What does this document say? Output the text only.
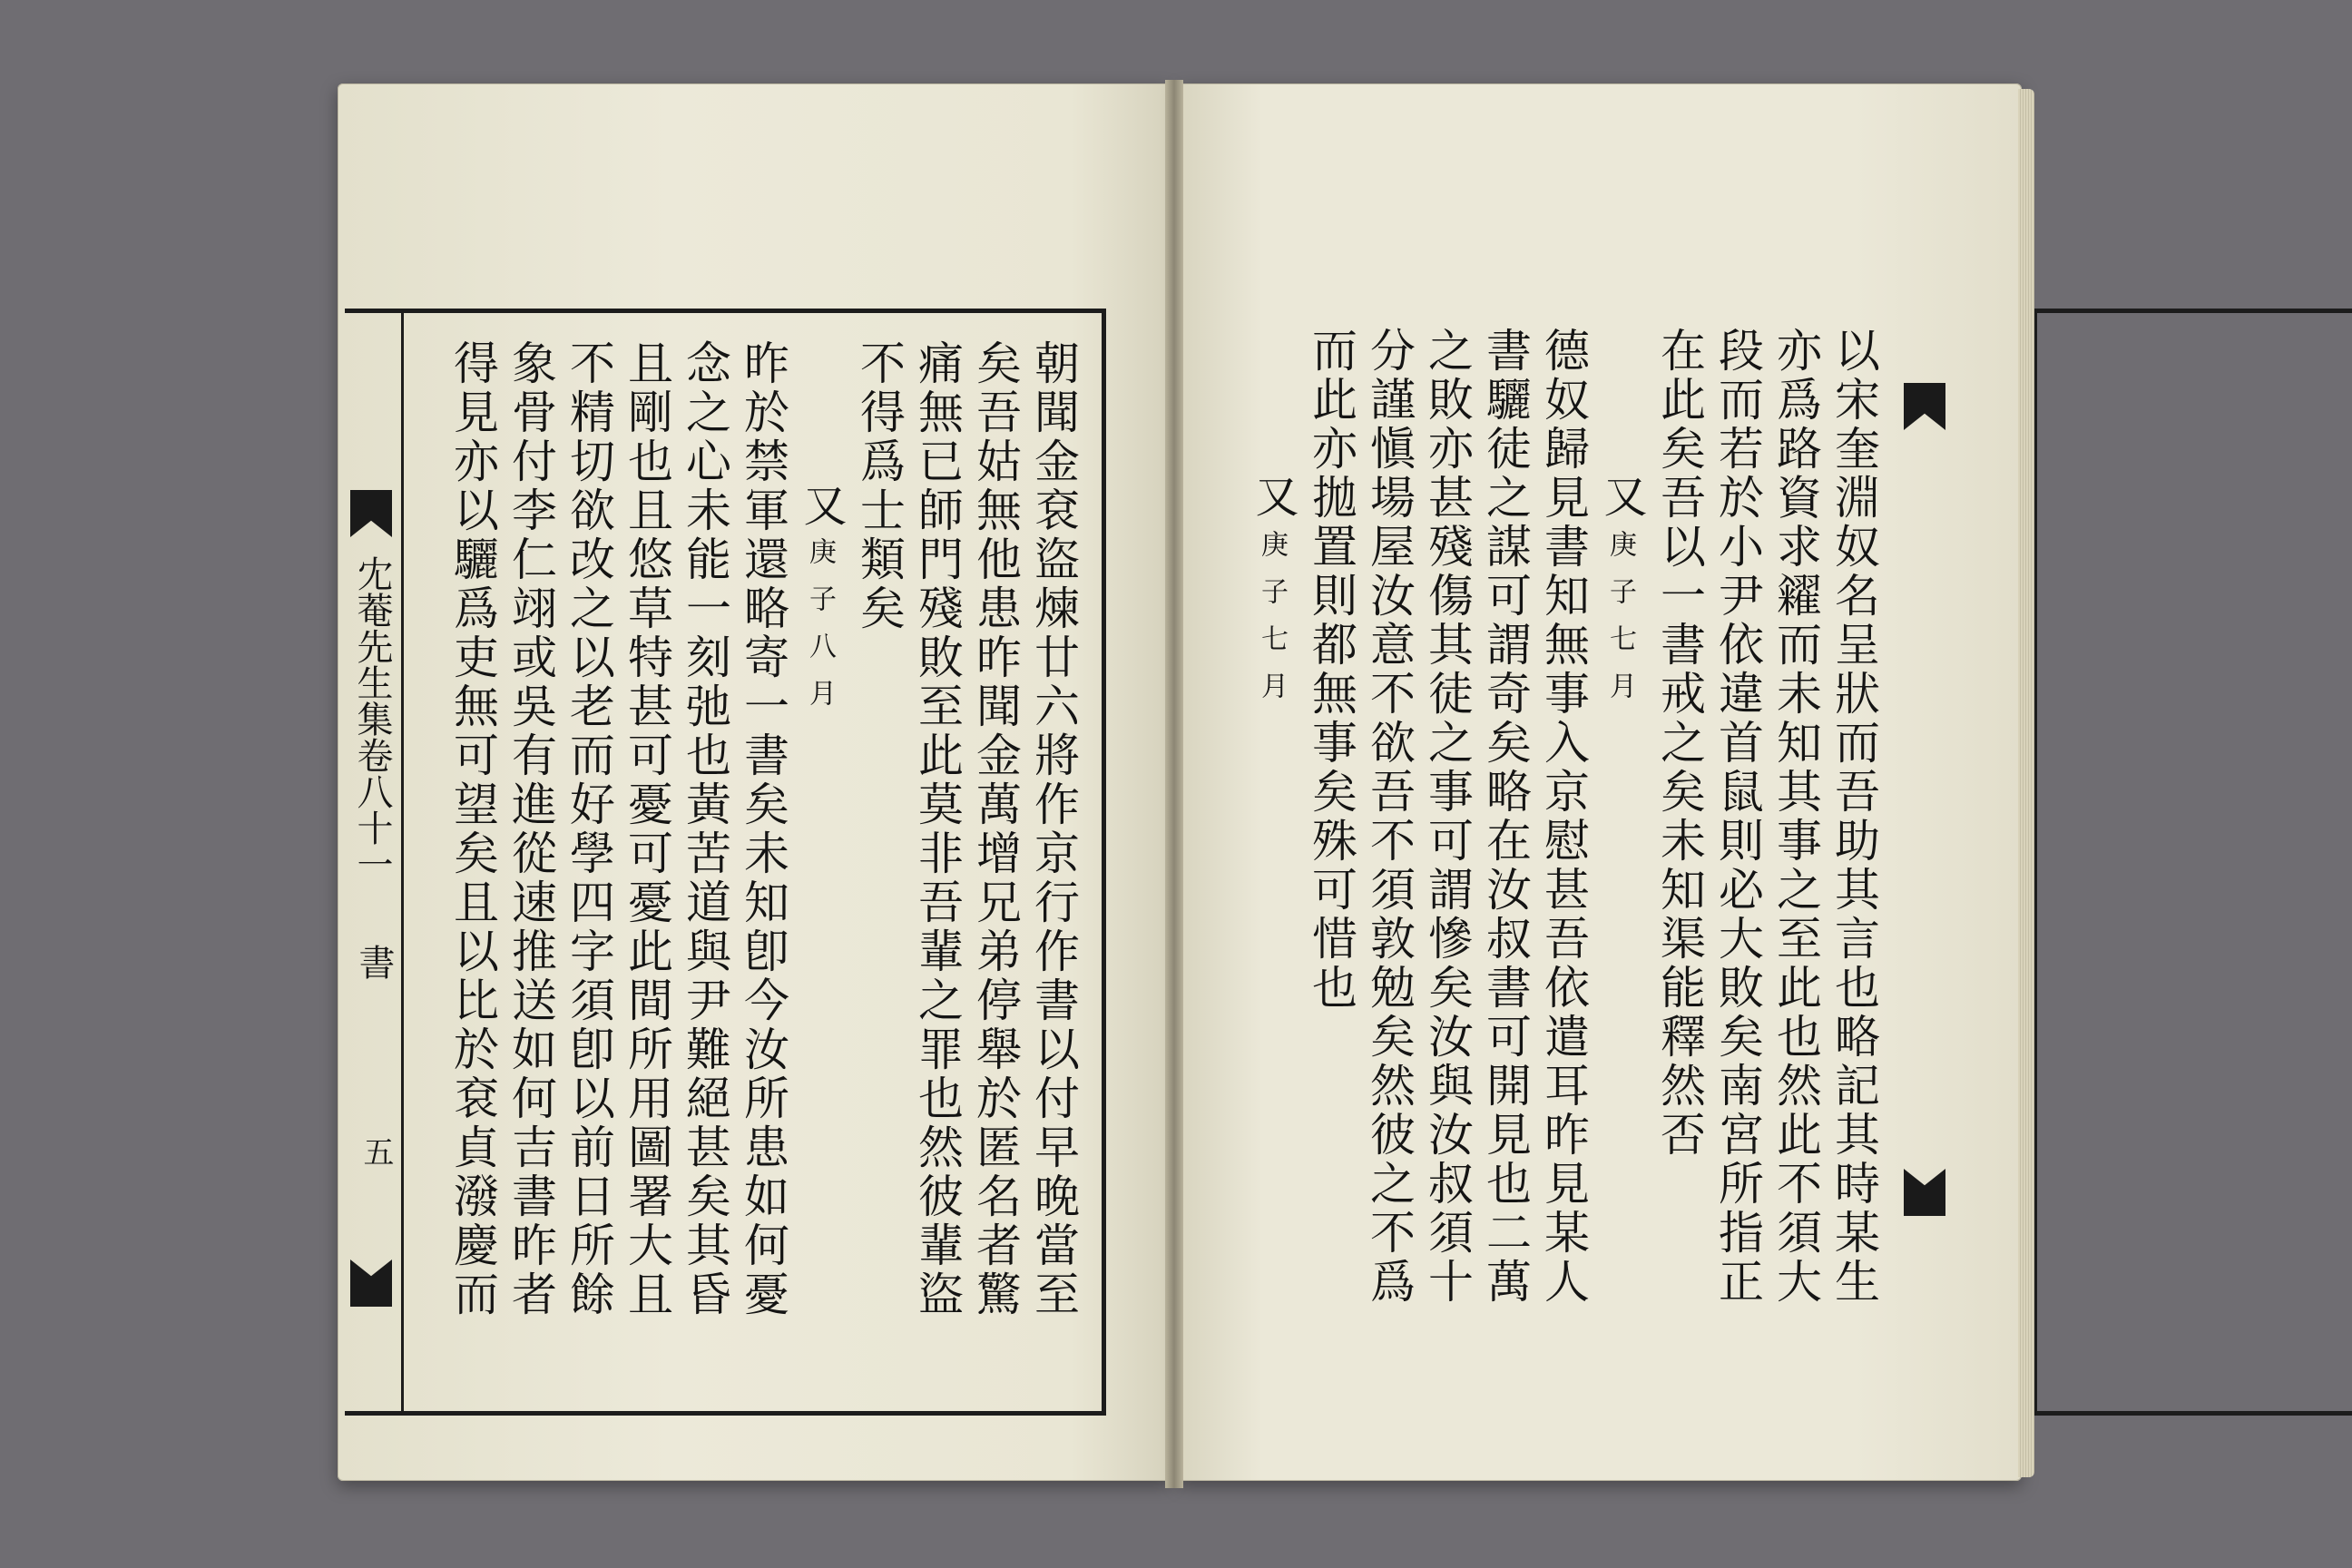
冘菴先生集卷八十一
書
五	朝聞金袞盜煉廿六將作京行作書以付早晚當至
矣吾姑無他患昨聞金萬增兄弟停舉於匿名者驚
痛無已師門殘敗至此莫非吾輩之罪也然彼輩盜
不得爲士類矣
又
庚子八月
昨於禁軍還略寄一書矣未知卽今汝所患如何憂
念之心未能一刻弛也黃苦道與尹難絕甚矣其昏
且剛也且悠草特甚可憂可憂此間所用圖署大且
不精切欲改之以老而好學四字須卽以前日所餘
象骨付李仁翊或吳有進從速推送如何吉書昨者
得見亦以驪爲吏無可望矣且以比於袞貞潑慶而	以宋奎淵奴名呈狀而吾助其言也略記其時某生
亦爲路資求糴而未知其事之至此也然此不須大
段而若於小尹依違首鼠則必大敗矣南宮所指正
在此矣吾以一書戒之矣未知渠能釋然否
又
庚子七月
德奴歸見書知無事入京慰甚吾依遣耳昨見某人
書驪徒之謀可謂奇矣略在汝叔書可開見也二萬
之敗亦甚殘傷其徒之事可謂慘矣汝與汝叔須十
分謹愼場屋汝意不欲吾不須敦勉矣然彼之不爲
而此亦拋置則都無事矣殊可惜也
又
庚子七月
